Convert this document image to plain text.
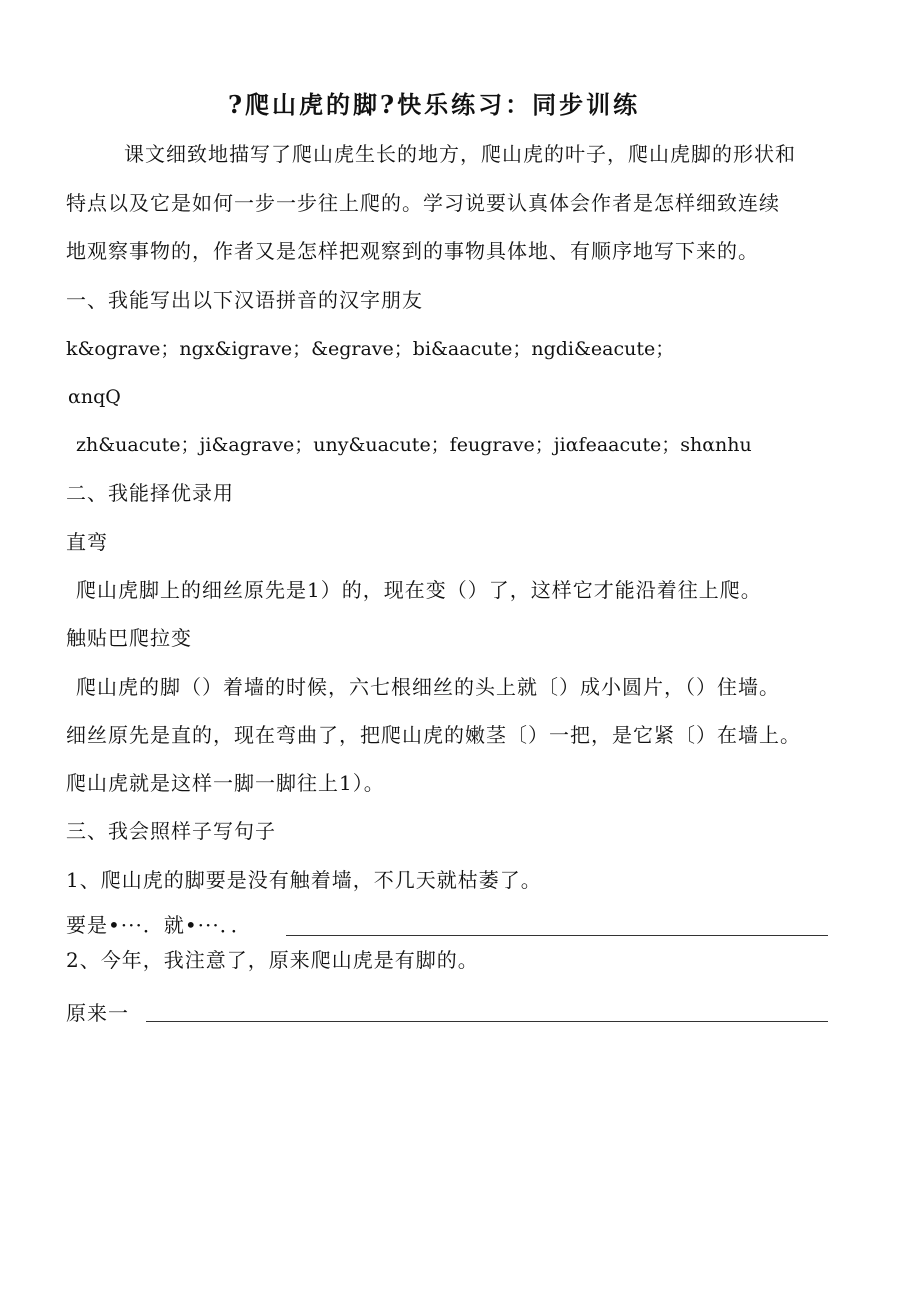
?爬山虎的脚?快乐练习：同步训练
课文细致地描写了爬山虎生长的地方，爬山虎的叶子，爬山虎脚的形状和
特点以及它是如何一步一步往上爬的。学习说要认真体会作者是怎样细致连续
地观察事物的，作者又是怎样把观察到的事物具体地、有顺序地写下来的。
一、我能写出以下汉语拼音的汉字朋友
k&ograve；ngx&igrave；&egrave；bi&aacute；ngdi&eacute；
αnqQ
zh&uacute；ji&agrave；uny&uacute；feugrave；jiαfeaacute；shαnhu
二、我能择优录用
直弯
爬山虎脚上的细丝原先是1）的，现在变（）了，这样它才能沿着往上爬。
触贴巴爬拉变
爬山虎的脚（）着墙的时候，六七根细丝的头上就〔）成小圆片，（）住墙。
细丝原先是直的，现在弯曲了，把爬山虎的嫩茎〔）一把，是它紧〔）在墙上。
爬山虎就是这样一脚一脚往上1）。
三、我会照样子写句子
1、爬山虎的脚要是没有触着墙，不几天就枯萎了。
要是•···．就•···．．
2、今年，我注意了，原来爬山虎是有脚的。
原来一
